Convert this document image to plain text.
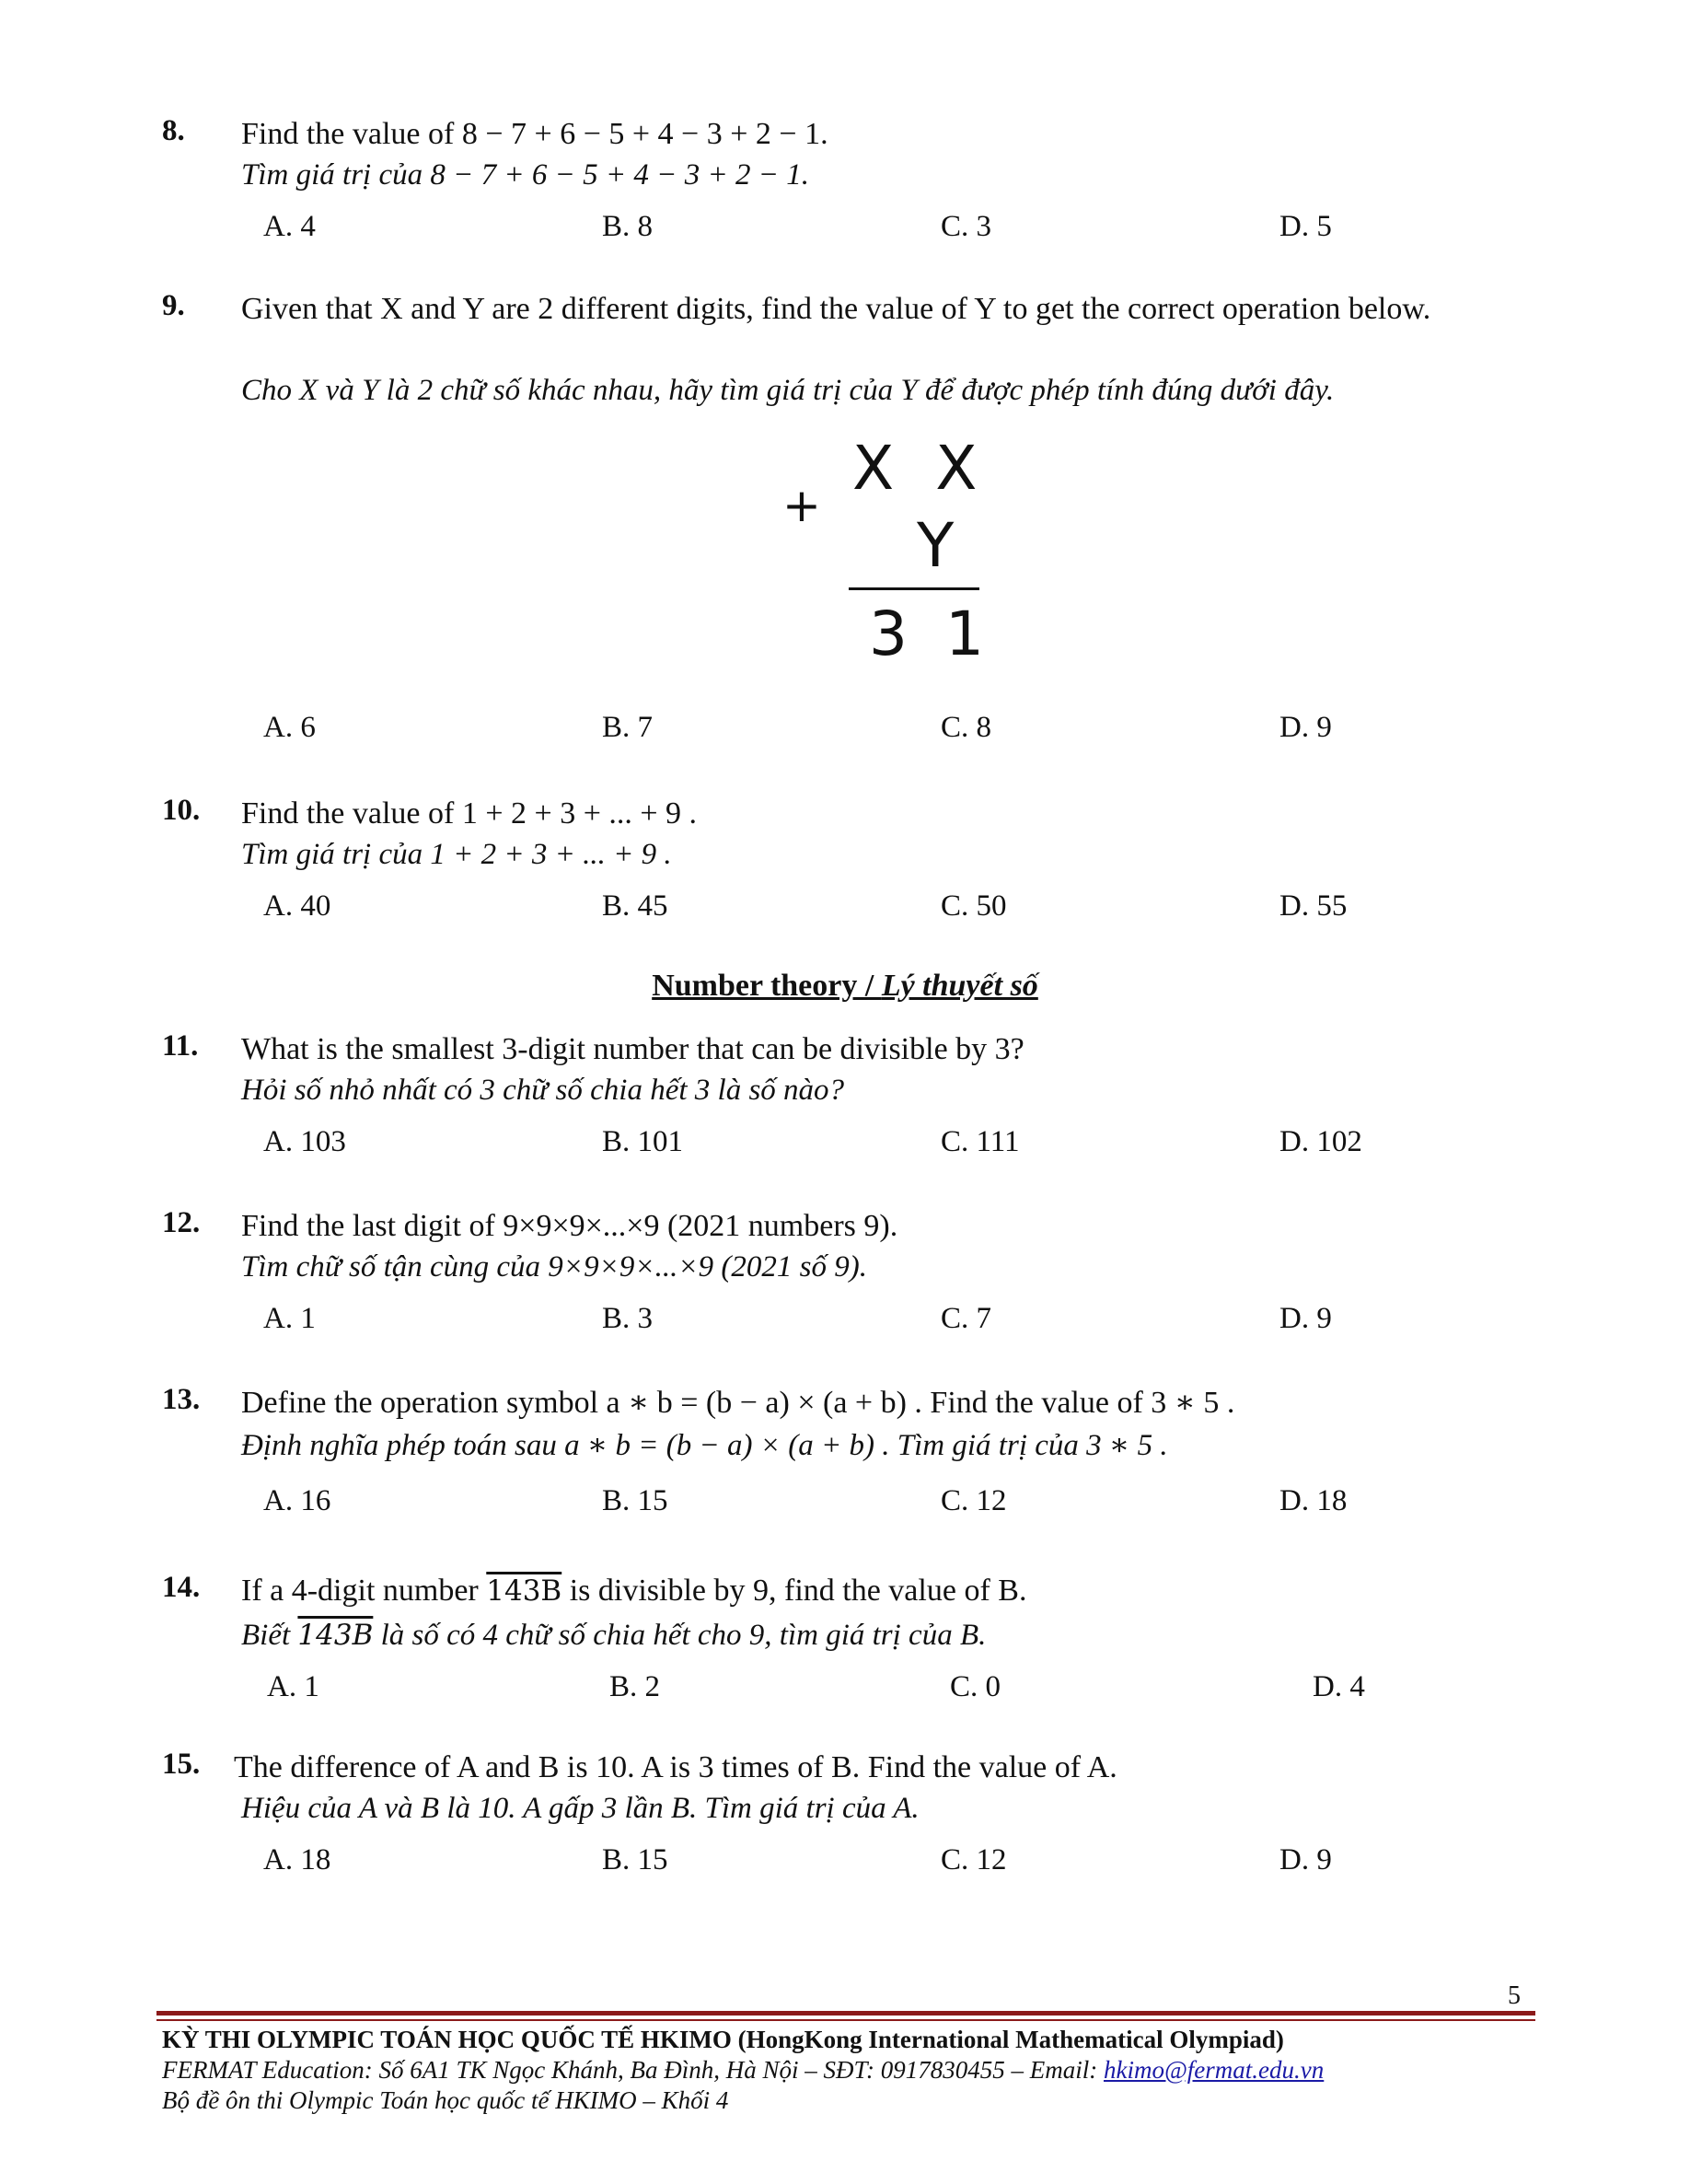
8. Find the value of 8 − 7 + 6 − 5 + 4 − 3 + 2 − 1.
Tìm giá trị của 8 − 7 + 6 − 5 + 4 − 3 + 2 − 1.
A. 4	B. 8	C. 3	D. 5
9. Given that X and Y are 2 different digits, find the value of Y to get the correct operation below.
Cho X và Y là 2 chữ số khác nhau, hãy tìm giá trị của Y để được phép tính đúng dưới đây.
X X
+
Y
3 1
A. 6	B. 7	C. 8	D. 9
10. Find the value of 1 + 2 + 3 + ... + 9 .
Tìm giá trị của 1 + 2 + 3 + ... + 9 .
A. 40	B. 45	C. 50	D. 55
Number theory / Lý thuyết số
11. What is the smallest 3-digit number that can be divisible by 3?
Hỏi số nhỏ nhất có 3 chữ số chia hết 3 là số nào?
A. 103	B. 101	C. 111	D. 102
12. Find the last digit of 9×9×9×...×9 (2021 numbers 9).
Tìm chữ số tận cùng của 9×9×9×...×9 (2021 số 9).
A. 1	B. 3	C. 7	D. 9
13. Define the operation symbol a ∗ b = (b − a) × (a + b) . Find the value of 3 ∗ 5 .
Định nghĩa phép toán sau a ∗ b = (b − a) × (a + b) . Tìm giá trị của 3 ∗ 5 .
A. 16	B. 15	C. 12	D. 18
14. If a 4-digit number 143B is divisible by 9, find the value of B.
Biết 143B là số có 4 chữ số chia hết cho 9, tìm giá trị của B.
A. 1	B. 2	C. 0	D. 4
15. The difference of A and B is 10. A is 3 times of B. Find the value of A.
Hiệu của A và B là 10. A gấp 3 lần B. Tìm giá trị của A.
A. 18	B. 15	C. 12	D. 9
5
KỲ THI OLYMPIC TOÁN HỌC QUỐC TẾ HKIMO (HongKong International Mathematical Olympiad)
FERMAT Education: Số 6A1 TK Ngọc Khánh, Ba Đình, Hà Nội – SĐT: 0917830455 – Email: hkimo@fermat.edu.vn
Bộ đề ôn thi Olympic Toán học quốc tế HKIMO – Khối 4
